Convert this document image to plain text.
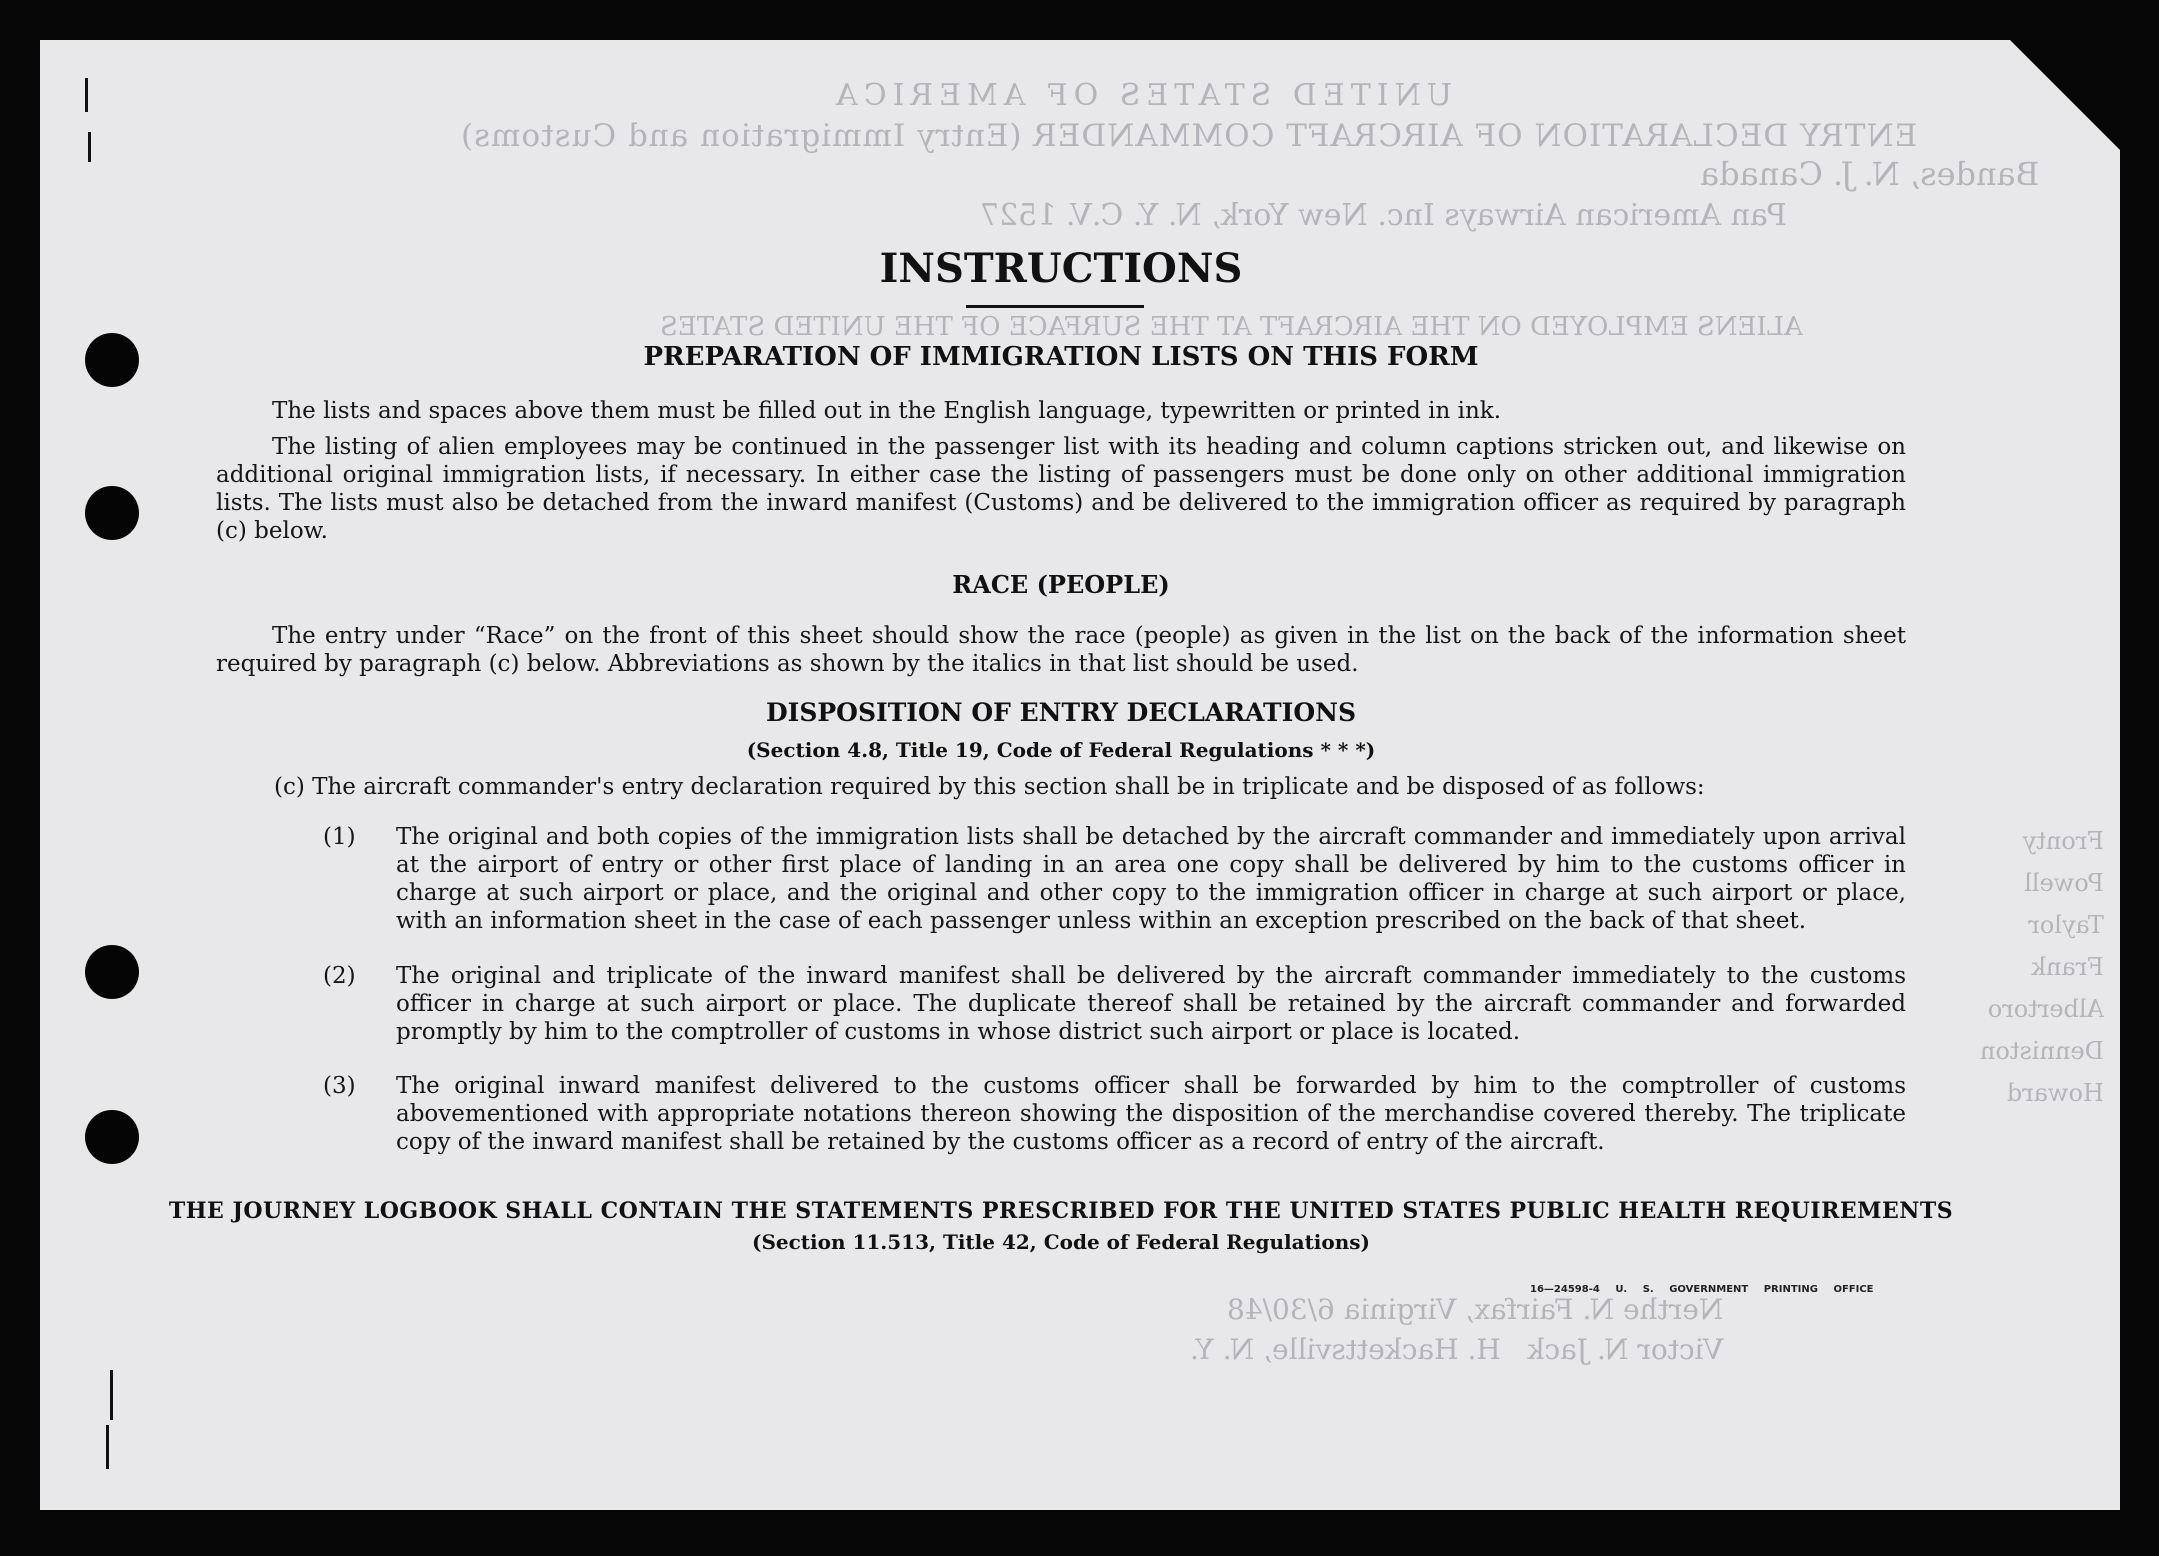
UNITED STATES OF AMERICA
ENTRY DECLARATION OF AIRCRAFT COMMANDER (Entry Immigration and Customs)
Bandes, N. J. Canada
Pan American Airways Inc. New York, N. Y. C.V. 1527
ALIENS EMPLOYED ON THE AIRCRAFT AT THE SURFACE OF THE UNITED STATES
Fronty
Powell
Taylor
Frank
Albertoro
Denniston
Howard
Nerthe N. Fairfax, Virginia 6/30/48
Victor N. Jack   H. Hackettsville, N. Y.
INSTRUCTIONS
PREPARATION OF IMMIGRATION LISTS ON THIS FORM

The lists and spaces above them must be filled out in the English language, typewritten or printed in ink.

The listing of alien employees may be continued in the passenger list with its heading and column captions stricken out, and likewise on additional original immigration lists, if necessary. In either case the listing of passengers must be done only on other additional immigration lists. The lists must also be detached from the inward manifest (Customs) and be delivered to the immigration officer as required by paragraph (c) below.

RACE (PEOPLE)

The entry under “Race” on the front of this sheet should show the race (people) as given in the list on the back of the information sheet required by paragraph (c) below. Abbreviations as shown by the italics in that list should be used.

DISPOSITION OF ENTRY DECLARATIONS
(Section 4.8, Title 19, Code of Federal Regulations * * *)

(c) The aircraft commander's entry declaration required by this section shall be in triplicate and be disposed of as follows:

(1) The original and both copies of the immigration lists shall be detached by the aircraft commander and immediately upon arrival at the airport of entry or other first place of landing in an area one copy shall be delivered by him to the customs officer in charge at such airport or place, and the original and other copy to the immigration officer in charge at such airport or place, with an information sheet in the case of each passenger unless within an exception prescribed on the back of that sheet.

(2) The original and triplicate of the inward manifest shall be delivered by the aircraft commander immediately to the customs officer in charge at such airport or place. The duplicate thereof shall be retained by the aircraft commander and forwarded promptly by him to the comptroller of customs in whose district such airport or place is located.

(3) The original inward manifest delivered to the customs officer shall be forwarded by him to the comptroller of customs abovementioned with appropriate notations thereon showing the disposition of the merchandise covered thereby. The triplicate copy of the inward manifest shall be retained by the customs officer as a record of entry of the aircraft.

THE JOURNEY LOGBOOK SHALL CONTAIN THE STATEMENTS PRESCRIBED FOR THE UNITED STATES PUBLIC HEALTH REQUIREMENTS
(Section 11.513, Title 42, Code of Federal Regulations)
16—24598-4 U. S. GOVERNMENT PRINTING OFFICE
